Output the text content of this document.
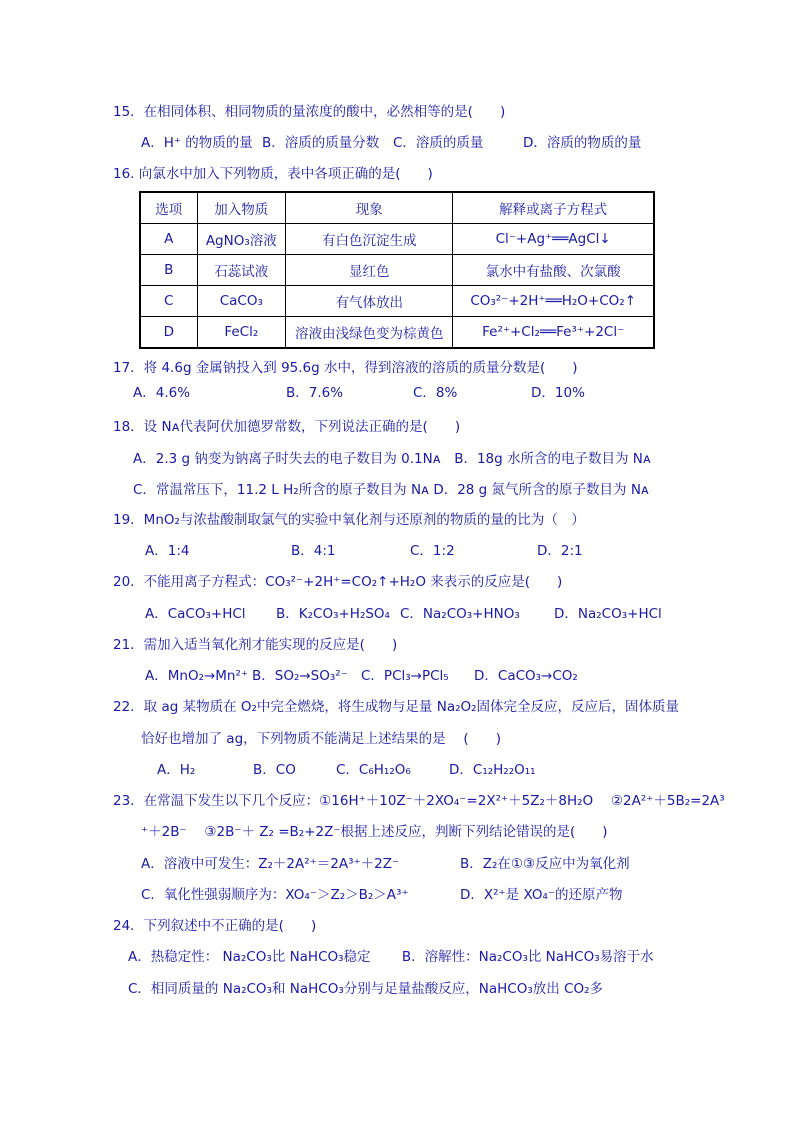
15．在相同体积、相同物质的量浓度的酸中，必然相等的是(　　)
A．H⁺ 的物质的量 B．溶质的质量分数 C．溶质的质量	D．溶质的物质的量
16. 向氯水中加入下列物质，表中各项正确的是(　　)
选项	加入物质	现象	解释或离子方程式
A	AgNO₃溶液	有白色沉淀生成	Cl⁻+Ag⁺══AgCl↓
B	石蕊试液	显红色	氯水中有盐酸、次氯酸
C	CaCO₃	有气体放出	CO₃²⁻+2H⁺══H₂O+CO₂↑
D	FeCl₂	溶液由浅绿色变为棕黄色	Fe²⁺+Cl₂══Fe³⁺+2Cl⁻
17．将 4.6g 金属钠投入到 95.6g 水中，得到溶液的溶质的质量分数是(　　)
A．4.6%	B．7.6%	C．8%	D．10%
18．设 Nᴀ代表阿伏加德罗常数，下列说法正确的是(　　)
A．2.3 g 钠变为钠离子时失去的电子数目为 0.1Nᴀ　B．18g 水所含的电子数目为 Nᴀ
C．常温常压下，11.2 L H₂所含的原子数目为 Nᴀ D．28 g 氮气所含的原子数目为 Nᴀ
19．MnO₂与浓盐酸制取氯气的实验中氧化剂与还原剂的物质的量的比为（　）
A．1:4	B．4:1	C．1:2	D．2:1
20．不能用离子方程式：CO₃²⁻+2H⁺=CO₂↑+H₂O 来表示的反应是(　　)
A．CaCO₃+HCl B．K₂CO₃+H₂SO₄ C．Na₂CO₃+HNO₃	D．Na₂CO₃+HCl
21．需加入适当氧化剂才能实现的反应是(　　)
A．MnO₂→Mn²⁺ B．SO₂→SO₃²⁻ C．PCl₃→PCl₅ D．CaCO₃→CO₂
22．取 ag 某物质在 O₂中完全燃烧，将生成物与足量 Na₂O₂固体完全反应，反应后，固体质量
恰好也增加了 ag，下列物质不能满足上述结果的是　 (　　)
A．H₂	B．CO	C．C₆H₁₂O₆	D．C₁₂H₂₂O₁₁
23．在常温下发生以下几个反应：①16H⁺＋10Z⁻＋2XO₄⁻=2X²⁺＋5Z₂＋8H₂O　 ②2A²⁺＋5B₂=2A³
⁺＋2B⁻　 ③2B⁻＋ Z₂ =B₂+2Z⁻根据上述反应，判断下列结论错误的是(　　)
A．溶液中可发生：Z₂＋2A²⁺＝2A³⁺＋2Z⁻	B．Z₂在①③反应中为氧化剂
C．氧化性强弱顺序为：XO₄⁻＞Z₂＞B₂＞A³⁺	D．X²⁺是 XO₄⁻的还原产物
24．下列叙述中不正确的是(　　)
A．热稳定性： Na₂CO₃比 NaHCO₃稳定　　 B．溶解性：Na₂CO₃比 NaHCO₃易溶于水
C．相同质量的 Na₂CO₃和 NaHCO₃分别与足量盐酸反应，NaHCO₃放出 CO₂多
